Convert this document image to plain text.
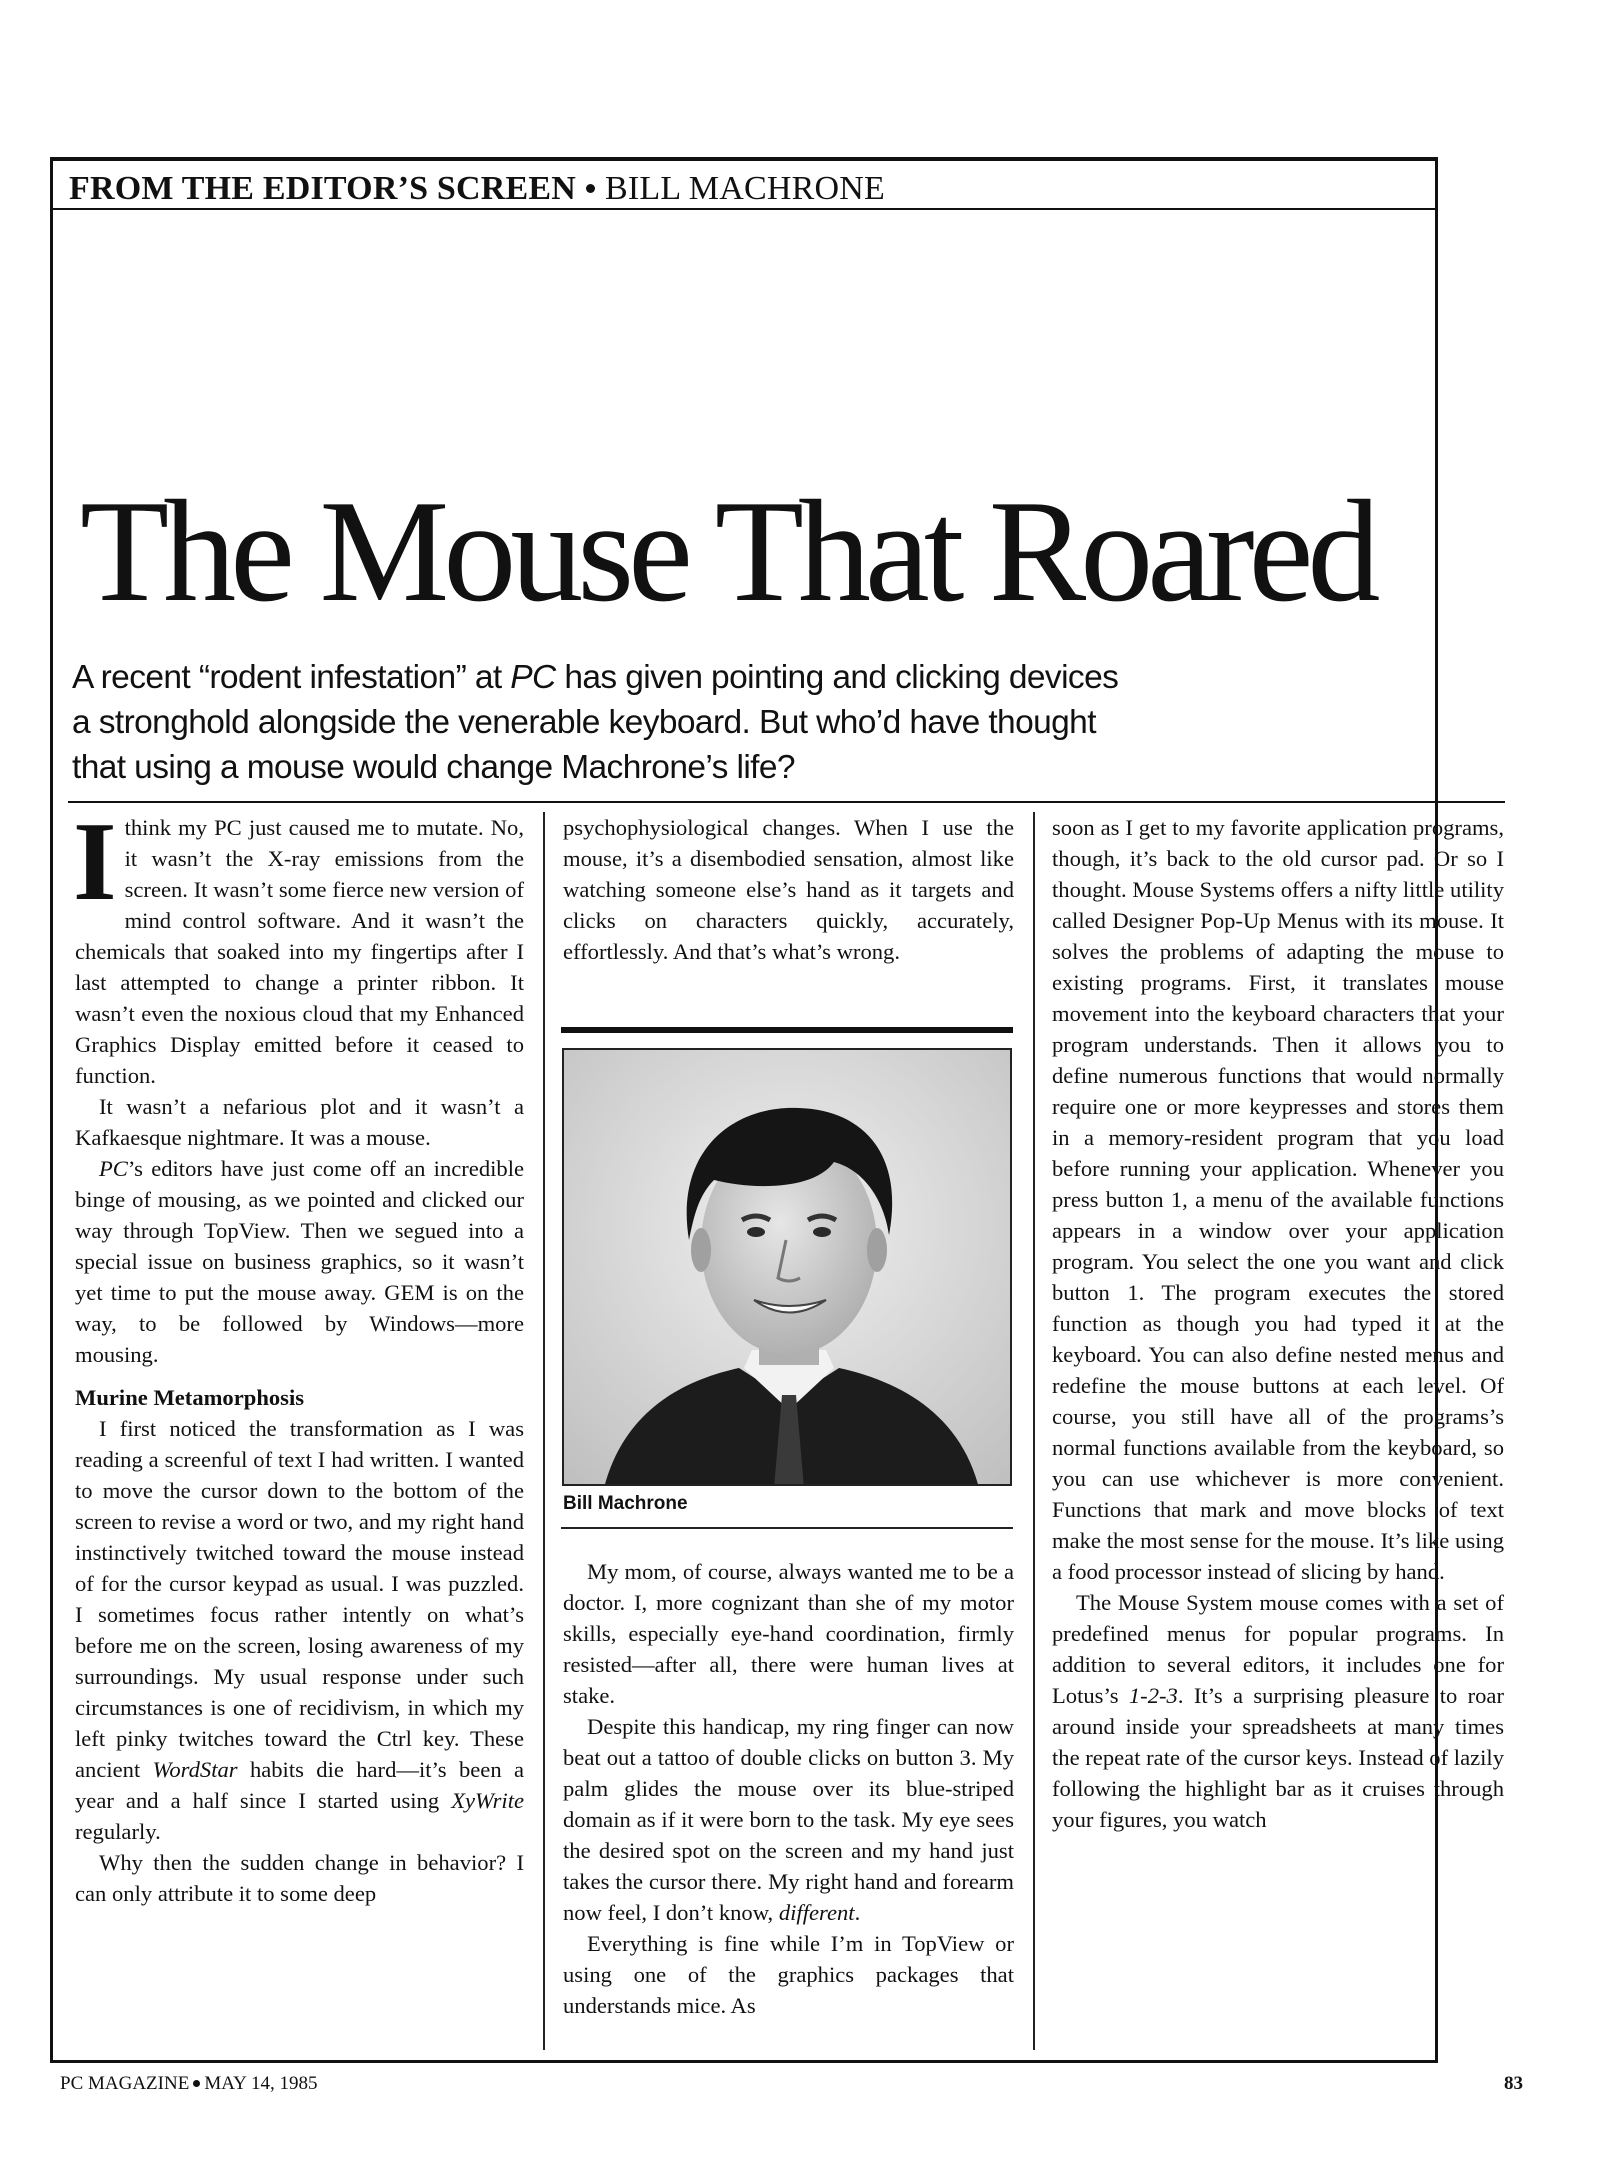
FROM THE EDITOR’S SCREEN BILL MACHRONE
The Mouse That Roared
A recent “rodent infestation” at PC has given pointing and clicking devices
a stronghold alongside the venerable keyboard. But who’d have thought
that using a mouse would change Machrone’s life?

Ithink my PC just caused me to mutate. No, it wasn’t the X-ray emissions from the screen. It wasn’t some fierce new version of mind control software. And it wasn’t the chemicals that soaked into my fingertips after I last attempted to change a printer ribbon. It wasn’t even the noxious cloud that my Enhanced Graphics Display emitted before it ceased to function.

It wasn’t a nefarious plot and it wasn’t a Kafkaesque nightmare. It was a mouse.

PC’s editors have just come off an incredible binge of mousing, as we pointed and clicked our way through TopView. Then we segued into a special issue on business graphics, so it wasn’t yet time to put the mouse away. GEM is on the way, to be followed by Windows—more mousing.

Murine Metamorphosis

I first noticed the transformation as I was reading a screenful of text I had written. I wanted to move the cursor down to the bottom of the screen to revise a word or two, and my right hand instinctively twitched toward the mouse instead of for the cursor keypad as usual. I was puzzled. I sometimes focus rather intently on what’s before me on the screen, losing awareness of my surroundings. My usual response under such circumstances is one of recidivism, in which my left pinky twitches toward the Ctrl key. These ancient WordStar habits die hard—it’s been a year and a half since I started using XyWrite regularly.

Why then the sudden change in behavior? I can only attribute it to some deep

psychophysiological changes. When I use the mouse, it’s a disembodied sensation, almost like watching someone else’s hand as it targets and clicks on characters quickly, accurately, effortlessly. And that’s what’s wrong.

Bill Machrone

My mom, of course, always wanted me to be a doctor. I, more cognizant than she of my motor skills, especially eye-hand coordination, firmly resisted—after all, there were human lives at stake.

Despite this handicap, my ring finger can now beat out a tattoo of double clicks on button 3. My palm glides the mouse over its blue-striped domain as if it were born to the task. My eye sees the desired spot on the screen and my hand just takes the cursor there. My right hand and forearm now feel, I don’t know, different.

Everything is fine while I’m in TopView or using one of the graphics packages that understands mice. As

soon as I get to my favorite application programs, though, it’s back to the old cursor pad. Or so I thought. Mouse Systems offers a nifty little utility called Designer Pop-Up Menus with its mouse. It solves the problems of adapting the mouse to existing programs. First, it translates mouse movement into the keyboard characters that your program understands. Then it allows you to define numerous functions that would normally require one or more keypresses and stores them in a memory-resident program that you load before running your application. Whenever you press button 1, a menu of the available functions appears in a window over your application program. You select the one you want and click button 1. The program executes the stored function as though you had typed it at the keyboard. You can also define nested menus and redefine the mouse buttons at each level. Of course, you still have all of the programs’s normal functions available from the keyboard, so you can use whichever is more convenient. Functions that mark and move blocks of text make the most sense for the mouse. It’s like using a food processor instead of slicing by hand.

The Mouse System mouse comes with a set of predefined menus for popular programs. In addition to several editors, it includes one for Lotus’s 1-2-3. It’s a surprising pleasure to roar around inside your spreadsheets at many times the repeat rate of the cursor keys. Instead of lazily following the highlight bar as it cruises through your figures, you watch

PC MAGAZINE MAY 14, 1985	83
